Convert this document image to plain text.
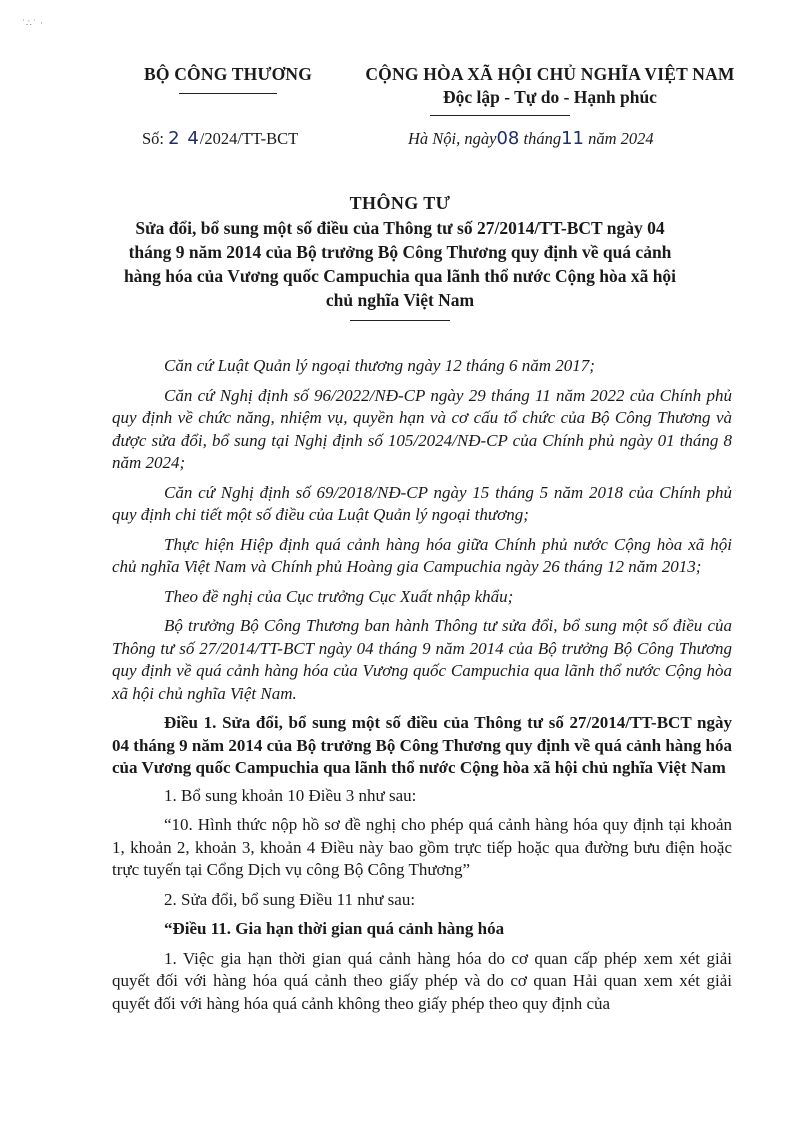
˙∴˙ ·
BỘ CÔNG THƯƠNG	CỘNG HÒA XÃ HỘI CHỦ NGHĨA VIỆT NAM
Độc lập - Tự do - Hạnh phúc
Số: 2 4/2024/TT-BCT	Hà Nội, ngày08 tháng11 năm 2024
THÔNG TƯ
Sửa đổi, bổ sung một số điều của Thông tư số 27/2014/TT-BCT ngày 04 tháng 9 năm 2014 của Bộ trưởng Bộ Công Thương quy định về quá cảnh hàng hóa của Vương quốc Campuchia qua lãnh thổ nước Cộng hòa xã hội chủ nghĩa Việt Nam

Căn cứ Luật Quản lý ngoại thương ngày 12 tháng 6 năm 2017;

Căn cứ Nghị định số 96/2022/NĐ-CP ngày 29 tháng 11 năm 2022 của Chính phủ quy định về chức năng, nhiệm vụ, quyền hạn và cơ cấu tổ chức của Bộ Công Thương và được sửa đổi, bổ sung tại Nghị định số 105/2024/NĐ-CP của Chính phủ ngày 01 tháng 8 năm 2024;

Căn cứ Nghị định số 69/2018/NĐ-CP ngày 15 tháng 5 năm 2018 của Chính phủ quy định chi tiết một số điều của Luật Quản lý ngoại thương;

Thực hiện Hiệp định quá cảnh hàng hóa giữa Chính phủ nước Cộng hòa xã hội chủ nghĩa Việt Nam và Chính phủ Hoàng gia Campuchia ngày 26 tháng 12 năm 2013;

Theo đề nghị của Cục trưởng Cục Xuất nhập khẩu;

Bộ trưởng Bộ Công Thương ban hành Thông tư sửa đổi, bổ sung một số điều của Thông tư số 27/2014/TT-BCT ngày 04 tháng 9 năm 2014 của Bộ trưởng Bộ Công Thương quy định về quá cảnh hàng hóa của Vương quốc Campuchia qua lãnh thổ nước Cộng hòa xã hội chủ nghĩa Việt Nam.

Điều 1. Sửa đổi, bổ sung một số điều của Thông tư số 27/2014/TT-BCT ngày 04 tháng 9 năm 2014 của Bộ trưởng Bộ Công Thương quy định về quá cảnh hàng hóa của Vương quốc Campuchia qua lãnh thổ nước Cộng hòa xã hội chủ nghĩa Việt Nam

1. Bổ sung khoản 10 Điều 3 như sau:

“10. Hình thức nộp hồ sơ đề nghị cho phép quá cảnh hàng hóa quy định tại khoản 1, khoản 2, khoản 3, khoản 4 Điều này bao gồm trực tiếp hoặc qua đường bưu điện hoặc trực tuyến tại Cổng Dịch vụ công Bộ Công Thương”

2. Sửa đổi, bổ sung Điều 11 như sau:

“Điều 11. Gia hạn thời gian quá cảnh hàng hóa

1. Việc gia hạn thời gian quá cảnh hàng hóa do cơ quan cấp phép xem xét giải quyết đối với hàng hóa quá cảnh theo giấy phép và do cơ quan Hải quan xem xét giải quyết đối với hàng hóa quá cảnh không theo giấy phép theo quy định của
